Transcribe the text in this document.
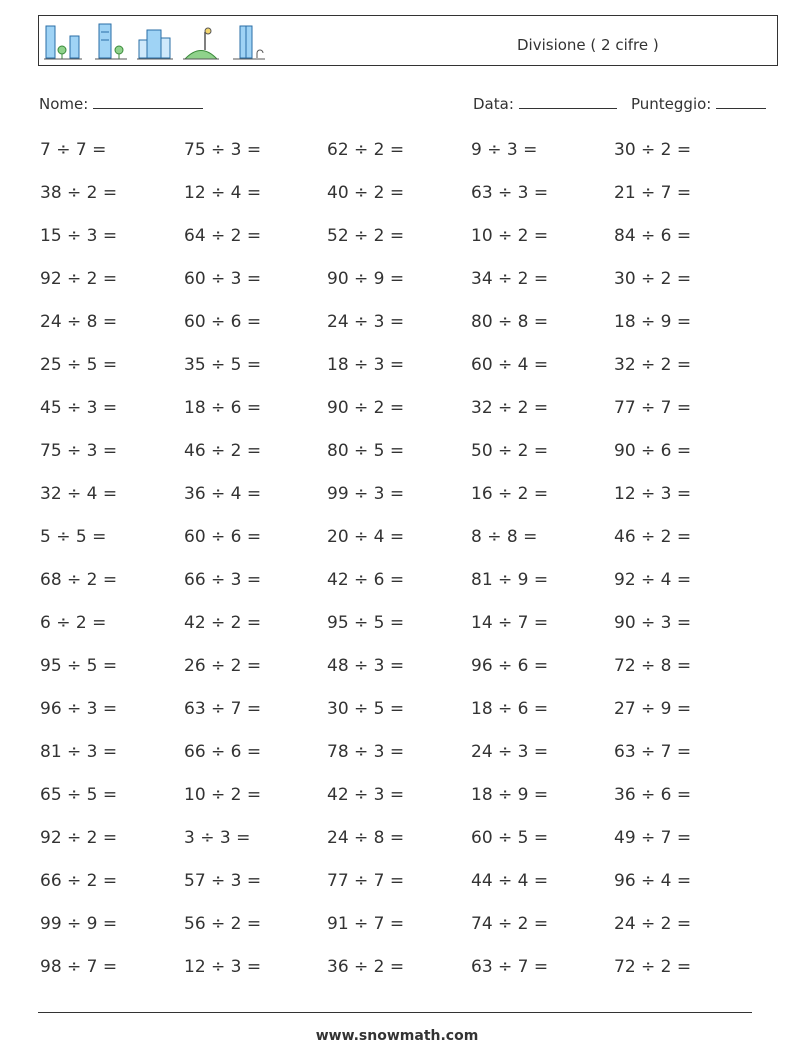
Divisione ( 2 cifre )
Nome:	Data:	Punteggio:
7 ÷ 7 =	75 ÷ 3 =	62 ÷ 2 =	9 ÷ 3 =	30 ÷ 2 =
38 ÷ 2 =	12 ÷ 4 =	40 ÷ 2 =	63 ÷ 3 =	21 ÷ 7 =
15 ÷ 3 =	64 ÷ 2 =	52 ÷ 2 =	10 ÷ 2 =	84 ÷ 6 =
92 ÷ 2 =	60 ÷ 3 =	90 ÷ 9 =	34 ÷ 2 =	30 ÷ 2 =
24 ÷ 8 =	60 ÷ 6 =	24 ÷ 3 =	80 ÷ 8 =	18 ÷ 9 =
25 ÷ 5 =	35 ÷ 5 =	18 ÷ 3 =	60 ÷ 4 =	32 ÷ 2 =
45 ÷ 3 =	18 ÷ 6 =	90 ÷ 2 =	32 ÷ 2 =	77 ÷ 7 =
75 ÷ 3 =	46 ÷ 2 =	80 ÷ 5 =	50 ÷ 2 =	90 ÷ 6 =
32 ÷ 4 =	36 ÷ 4 =	99 ÷ 3 =	16 ÷ 2 =	12 ÷ 3 =
5 ÷ 5 =	60 ÷ 6 =	20 ÷ 4 =	8 ÷ 8 =	46 ÷ 2 =
68 ÷ 2 =	66 ÷ 3 =	42 ÷ 6 =	81 ÷ 9 =	92 ÷ 4 =
6 ÷ 2 =	42 ÷ 2 =	95 ÷ 5 =	14 ÷ 7 =	90 ÷ 3 =
95 ÷ 5 =	26 ÷ 2 =	48 ÷ 3 =	96 ÷ 6 =	72 ÷ 8 =
96 ÷ 3 =	63 ÷ 7 =	30 ÷ 5 =	18 ÷ 6 =	27 ÷ 9 =
81 ÷ 3 =	66 ÷ 6 =	78 ÷ 3 =	24 ÷ 3 =	63 ÷ 7 =
65 ÷ 5 =	10 ÷ 2 =	42 ÷ 3 =	18 ÷ 9 =	36 ÷ 6 =
92 ÷ 2 =	3 ÷ 3 =	24 ÷ 8 =	60 ÷ 5 =	49 ÷ 7 =
66 ÷ 2 =	57 ÷ 3 =	77 ÷ 7 =	44 ÷ 4 =	96 ÷ 4 =
99 ÷ 9 =	56 ÷ 2 =	91 ÷ 7 =	74 ÷ 2 =	24 ÷ 2 =
98 ÷ 7 =	12 ÷ 3 =	36 ÷ 2 =	63 ÷ 7 =	72 ÷ 2 =
www.snowmath.com
